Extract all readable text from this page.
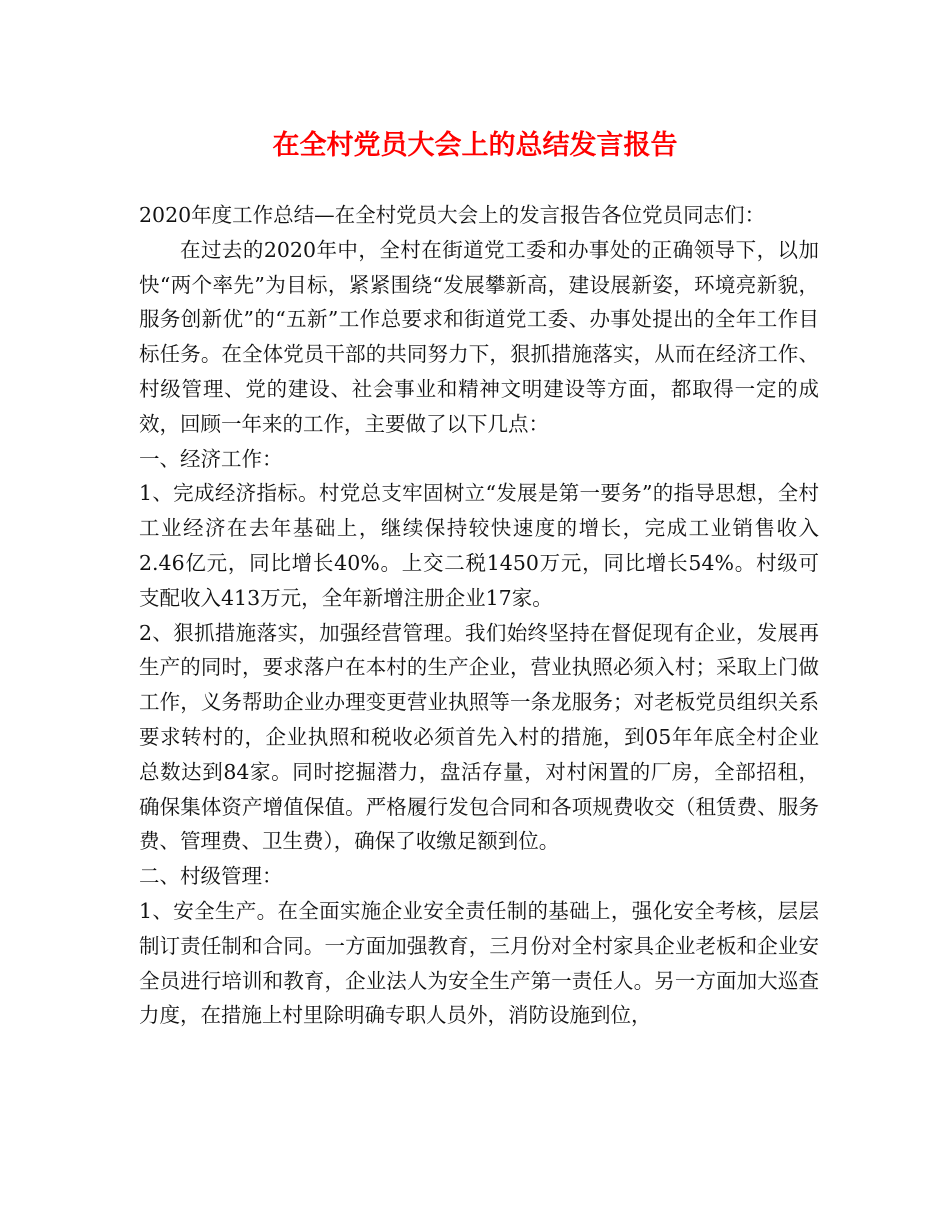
在全村党员大会上的总结发言报告

2020年度工作总结—在全村党员大会上的发言报告各位党员同志们：

在过去的2020年中，全村在街道党工委和办事处的正确领导下，以加快“两个率先”为目标，紧紧围绕“发展攀新高，建设展新姿，环境亮新貌，服务创新优”的“五新”工作总要求和街道党工委、办事处提出的全年工作目标任务。在全体党员干部的共同努力下，狠抓措施落实，从而在经济工作、村级管理、党的建设、社会事业和精神文明建设等方面，都取得一定的成效，回顾一年来的工作，主要做了以下几点：

一、经济工作：

1、完成经济指标。村党总支牢固树立“发展是第一要务”的指导思想，全村工业经济在去年基础上，继续保持较快速度的增长，完成工业销售收入2.46亿元，同比增长40%。上交二税1450万元，同比增长54%。村级可支配收入413万元，全年新增注册企业17家。

2、狠抓措施落实，加强经营管理。我们始终坚持在督促现有企业，发展再生产的同时，要求落户在本村的生产企业，营业执照必须入村；采取上门做工作，义务帮助企业办理变更营业执照等一条龙服务；对老板党员组织关系要求转村的，企业执照和税收必须首先入村的措施，到05年年底全村企业总数达到84家。同时挖掘潜力，盘活存量，对村闲置的厂房，全部招租，确保集体资产增值保值。严格履行发包合同和各项规费收交（租赁费、服务费、管理费、卫生费），确保了收缴足额到位。

二、村级管理：

1、安全生产。在全面实施企业安全责任制的基础上，强化安全考核，层层制订责任制和合同。一方面加强教育，三月份对全村家具企业老板和企业安全员进行培训和教育，企业法人为安全生产第一责任人。另一方面加大巡查力度，在措施上村里除明确专职人员外，消防设施到位，
